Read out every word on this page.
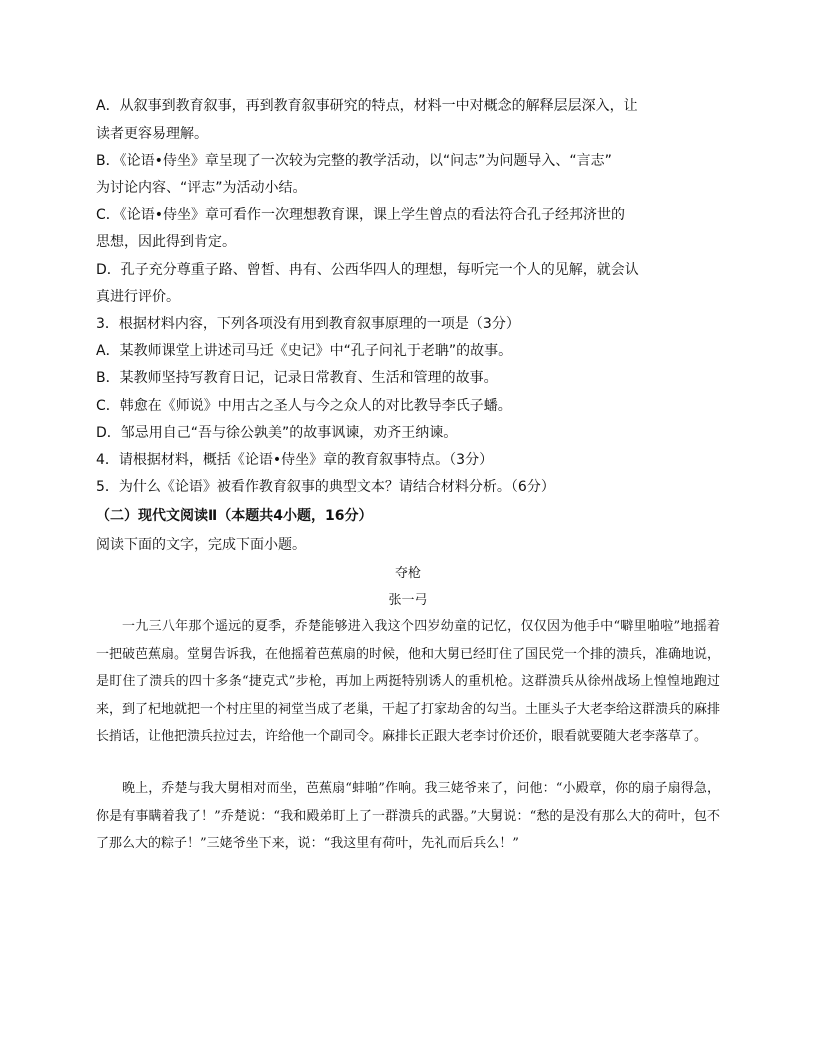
A．从叙事到教育叙事，再到教育叙事研究的特点，材料一中对概念的解释层层深入，让
读者更容易理解。
B．《论语•侍坐》章呈现了一次较为完整的教学活动，以“问志”为问题导入、“言志”
为讨论内容、“评志”为活动小结。
C．《论语•侍坐》章可看作一次理想教育课，课上学生曾点的看法符合孔子经邦济世的
思想，因此得到肯定。
D．孔子充分尊重子路、曾皙、冉有、公西华四人的理想，每听完一个人的见解，就会认
真进行评价。
3．根据材料内容，下列各项没有用到教育叙事原理的一项是（3分）
A．某教师课堂上讲述司马迁《史记》中“孔子问礼于老聃”的故事。
B．某教师坚持写教育日记，记录日常教育、生活和管理的故事。
C．韩愈在《师说》中用古之圣人与今之众人的对比教导李氏子蟠。
D．邹忌用自己“吾与徐公孰美”的故事讽谏，劝齐王纳谏。
4．请根据材料，概括《论语•侍坐》章的教育叙事特点。（3分）
5．为什么《论语》被看作教育叙事的典型文本？请结合材料分析。（6分）
（二）现代文阅读Ⅱ（本题共4小题，16分）
阅读下面的文字，完成下面小题。
夺枪
张一弓
一九三八年那个遥远的夏季，乔楚能够进入我这个四岁幼童的记忆，仅仅因为他手中“噼里啪啦”地摇着一把破芭蕉扇。堂舅告诉我，在他摇着芭蕉扇的时候，他和大舅已经盯住了国民党一个排的溃兵，准确地说，是盯住了溃兵的四十多条“捷克式”步枪，再加上两挺特别诱人的重机枪。这群溃兵从徐州战场上惶惶地跑过来，到了杞地就把一个村庄里的祠堂当成了老巢，干起了打家劫舍的勾当。土匪头子大老李给这群溃兵的麻排长捎话，让他把溃兵拉过去，许给他一个副司令。麻排长正跟大老李讨价还价，眼看就要随大老李落草了。
晚上，乔楚与我大舅相对而坐，芭蕉扇“蚌啪”作响。我三姥爷来了，问他：“小殿章，你的扇子扇得急，你是有事瞒着我了！”乔楚说：“我和殿弟盯上了一群溃兵的武器。”大舅说：“愁的是没有那么大的荷叶，包不了那么大的粽子！”三姥爷坐下来，说：“我这里有荷叶，先礼而后兵么！”
